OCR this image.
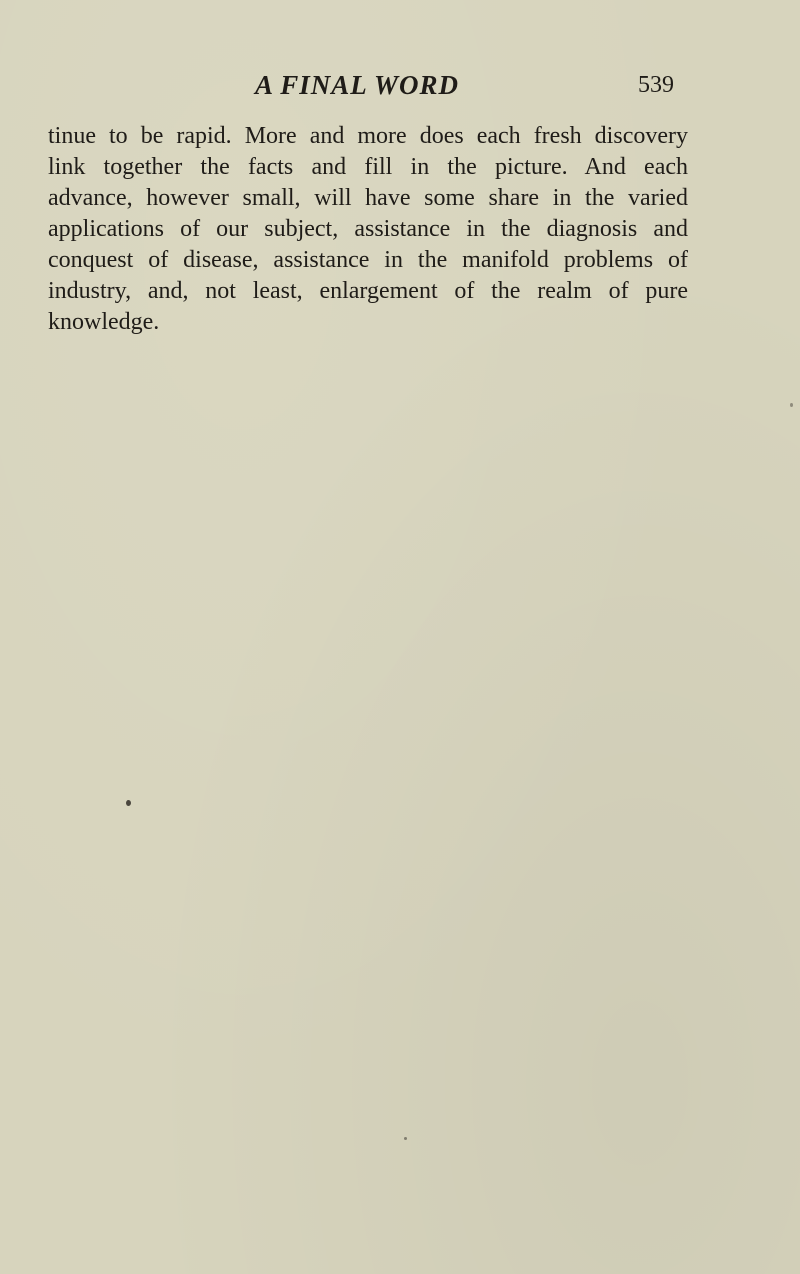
A FINAL WORD	539
tinue to be rapid. More and more does each fresh discovery
link together the facts and fill in the picture. And each
advance, however small, will have some share in the varied
applications of our subject, assistance in the diagnosis and
conquest of disease, assistance in the manifold problems of
industry, and, not least, enlargement of the realm of pure
knowledge.
